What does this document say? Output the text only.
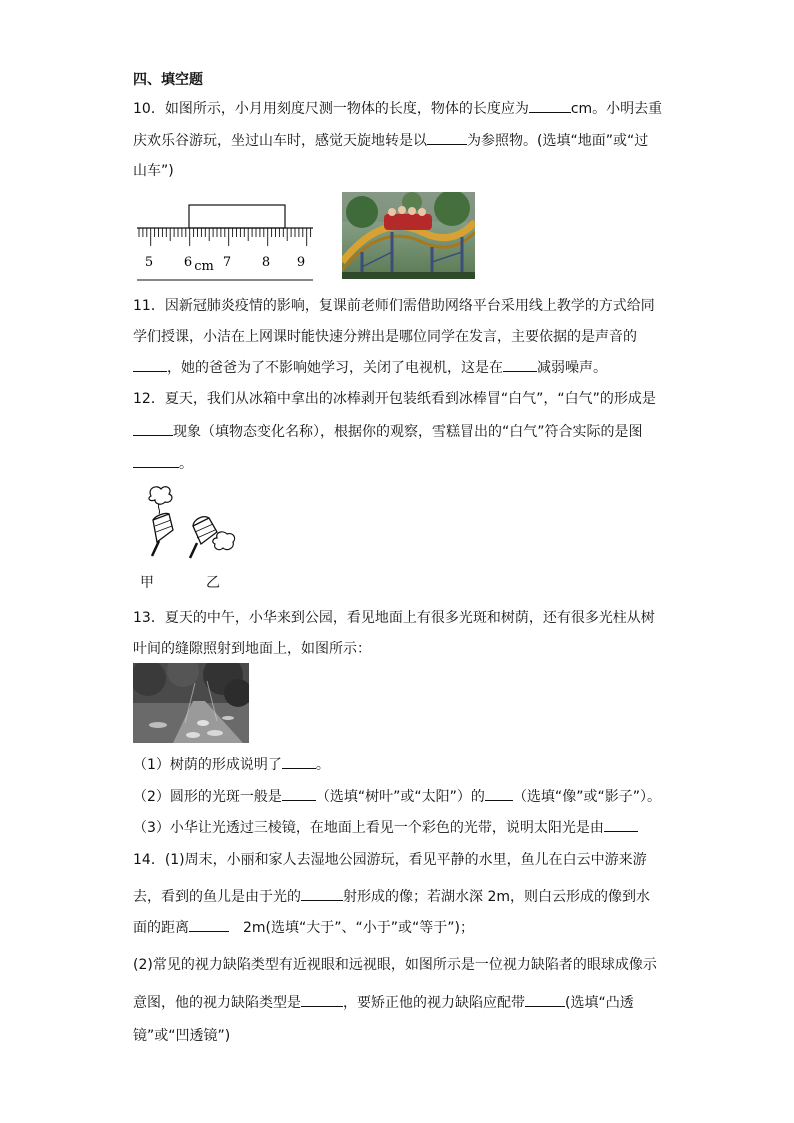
四、填空题
10．如图所示，小月用刻度尺测一物体的长度，物体的长度应为	cm。小明去重
庆欢乐谷游玩，坐过山车时，感觉天旋地转是以	为参照物。(选填“地面”或“过
山车”)
5 6 7 8 9
cm
11．因新冠肺炎疫情的影响，复课前老师们需借助网络平台采用线上教学的方式给同
学们授课，小洁在上网课时能快速分辨出是哪位同学在发言，主要依据的是声音的
，她的爸爸为了不影响她学习，关闭了电视机，这是在 减弱噪声。
12．夏天，我们从冰箱中拿出的冰棒剥开包装纸看到冰棒冒“白气”，“白气”的形成是
现象（填物态变化名称），根据你的观察，雪糕冒出的“白气”符合实际的是图
。
甲	乙
13．夏天的中午，小华来到公园，看见地面上有很多光斑和树荫，还有很多光柱从树
叶间的缝隙照射到地面上，如图所示：
（1）树荫的形成说明了 。
（2）圆形的光斑一般是 （选填“树叶”或“太阳”）的 （选填“像”或“影子”）。
（3）小华让光透过三棱镜，在地面上看见一个彩色的光带，说明太阳光是由
14．(1)周末，小丽和家人去湿地公园游玩，看见平静的水里，鱼儿在白云中游来游
去，看到的鱼儿是由于光的	射形成的像；若湖水深 2m，则白云形成的像到水
面的距离	2m(选填“大于”、“小于”或“等于”)；
(2)常见的视力缺陷类型有近视眼和远视眼，如图所示是一位视力缺陷者的眼球成像示
意图，他的视力缺陷类型是	，要矫正他的视力缺陷应配带	(选填“凸透
镜”或“凹透镜”)
